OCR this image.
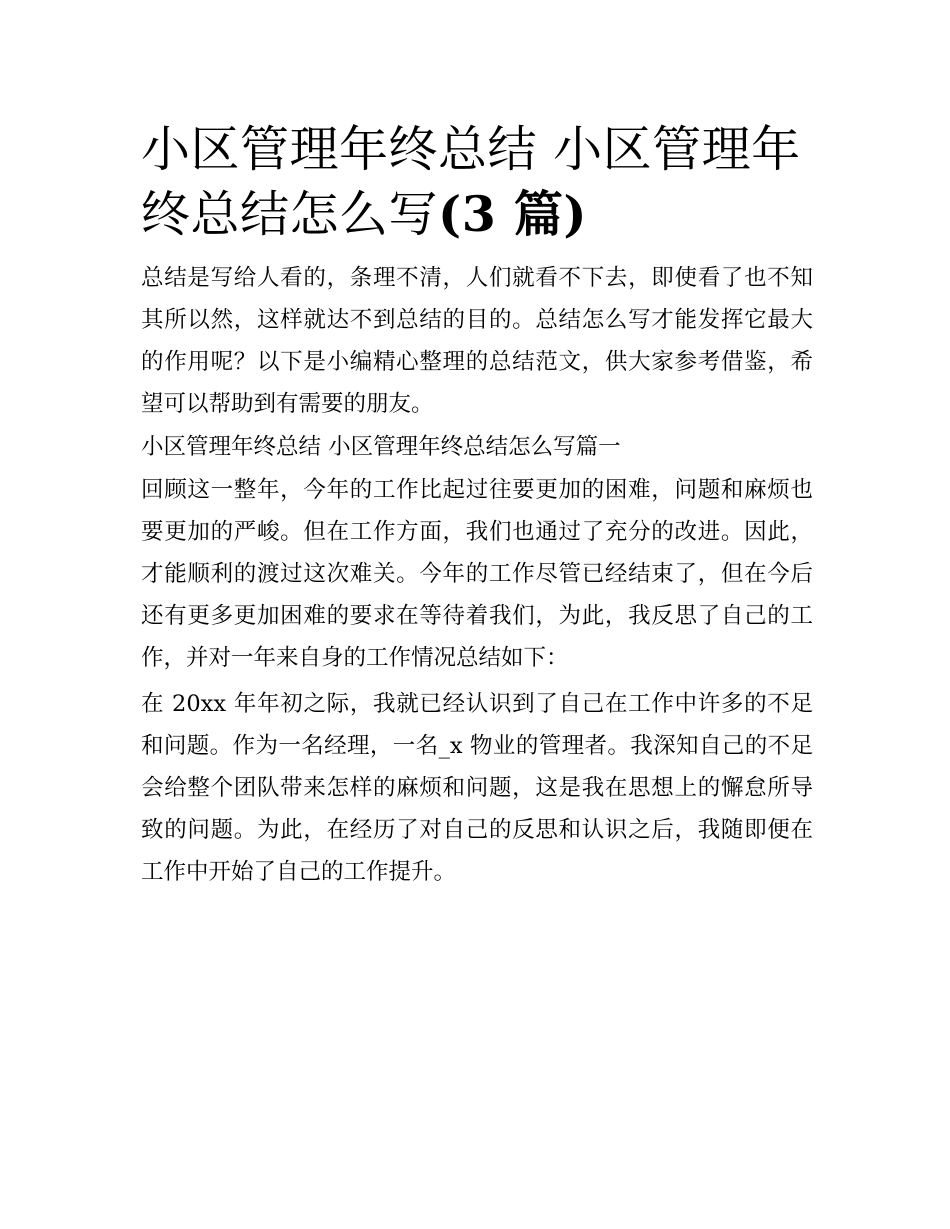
小区管理年终总结 小区管理年终总结怎么写(3 篇)

总结是写给人看的，条理不清，人们就看不下去，即使看了也不知其所以然，这样就达不到总结的目的。总结怎么写才能发挥它最大的作用呢？以下是小编精心整理的总结范文，供大家参考借鉴，希望可以帮助到有需要的朋友。

小区管理年终总结 小区管理年终总结怎么写篇一

回顾这一整年，今年的工作比起过往要更加的困难，问题和麻烦也要更加的严峻。但在工作方面，我们也通过了充分的改进。因此，才能顺利的渡过这次难关。今年的工作尽管已经结束了，但在今后还有更多更加困难的要求在等待着我们，为此，我反思了自己的工作，并对一年来自身的工作情况总结如下：

在 20xx 年年初之际，我就已经认识到了自己在工作中许多的不足和问题。作为一名经理，一名_x 物业的管理者。我深知自己的不足会给整个团队带来怎样的麻烦和问题，这是我在思想上的懈怠所导致的问题。为此，在经历了对自己的反思和认识之后，我随即便在工作中开始了自己的工作提升。
